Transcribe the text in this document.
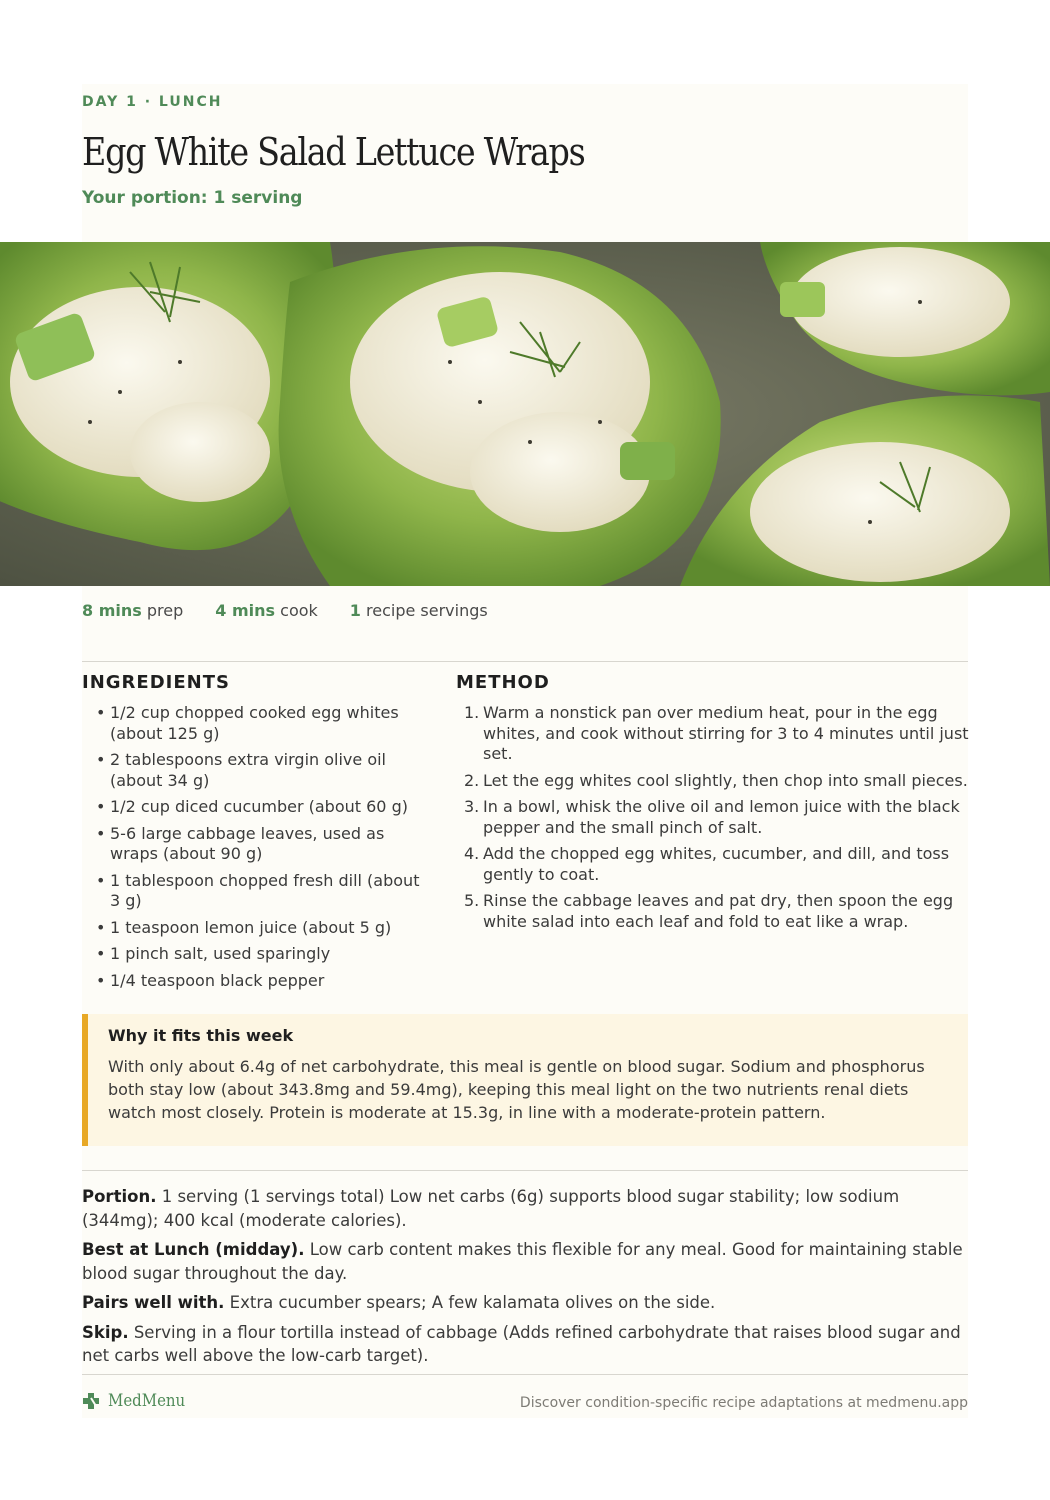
DAY 1 · LUNCH
Egg White Salad Lettuce Wraps
Your portion: 1 serving
8 mins prep 4 mins cook 1 recipe servings
INGREDIENTS
• 1/2 cup chopped cooked egg whites (about 125 g)
• 2 tablespoons extra virgin olive oil (about 34 g)
• 1/2 cup diced cucumber (about 60 g)
• 5-6 large cabbage leaves, used as wraps (about 90 g)
• 1 tablespoon chopped fresh dill (about 3 g)
• 1 teaspoon lemon juice (about 5 g)
• 1 pinch salt, used sparingly
• 1/4 teaspoon black pepper
METHOD
1. Warm a nonstick pan over medium heat, pour in the egg whites, and cook without stirring for 3 to 4 minutes until just set.
2. Let the egg whites cool slightly, then chop into small pieces.
3. In a bowl, whisk the olive oil and lemon juice with the black pepper and the small pinch of salt.
4. Add the chopped egg whites, cucumber, and dill, and toss gently to coat.
5. Rinse the cabbage leaves and pat dry, then spoon the egg white salad into each leaf and fold to eat like a wrap.
Why it fits this week
With only about 6.4g of net carbohydrate, this meal is gentle on blood sugar. Sodium and phosphorus both stay low (about 343.8mg and 59.4mg), keeping this meal light on the two nutrients renal diets watch most closely. Protein is moderate at 15.3g, in line with a moderate-protein pattern.

Portion. 1 serving (1 servings total) Low net carbs (6g) supports blood sugar stability; low sodium (344mg); 400 kcal (moderate calories).

Best at Lunch (midday). Low carb content makes this flexible for any meal. Good for maintaining stable blood sugar throughout the day.

Pairs well with. Extra cucumber spears; A few kalamata olives on the side.

Skip. Serving in a flour tortilla instead of cabbage (Adds refined carbohydrate that raises blood sugar and net carbs well above the low-carb target).

MedMenu	Discover condition-specific recipe adaptations at medmenu.app
